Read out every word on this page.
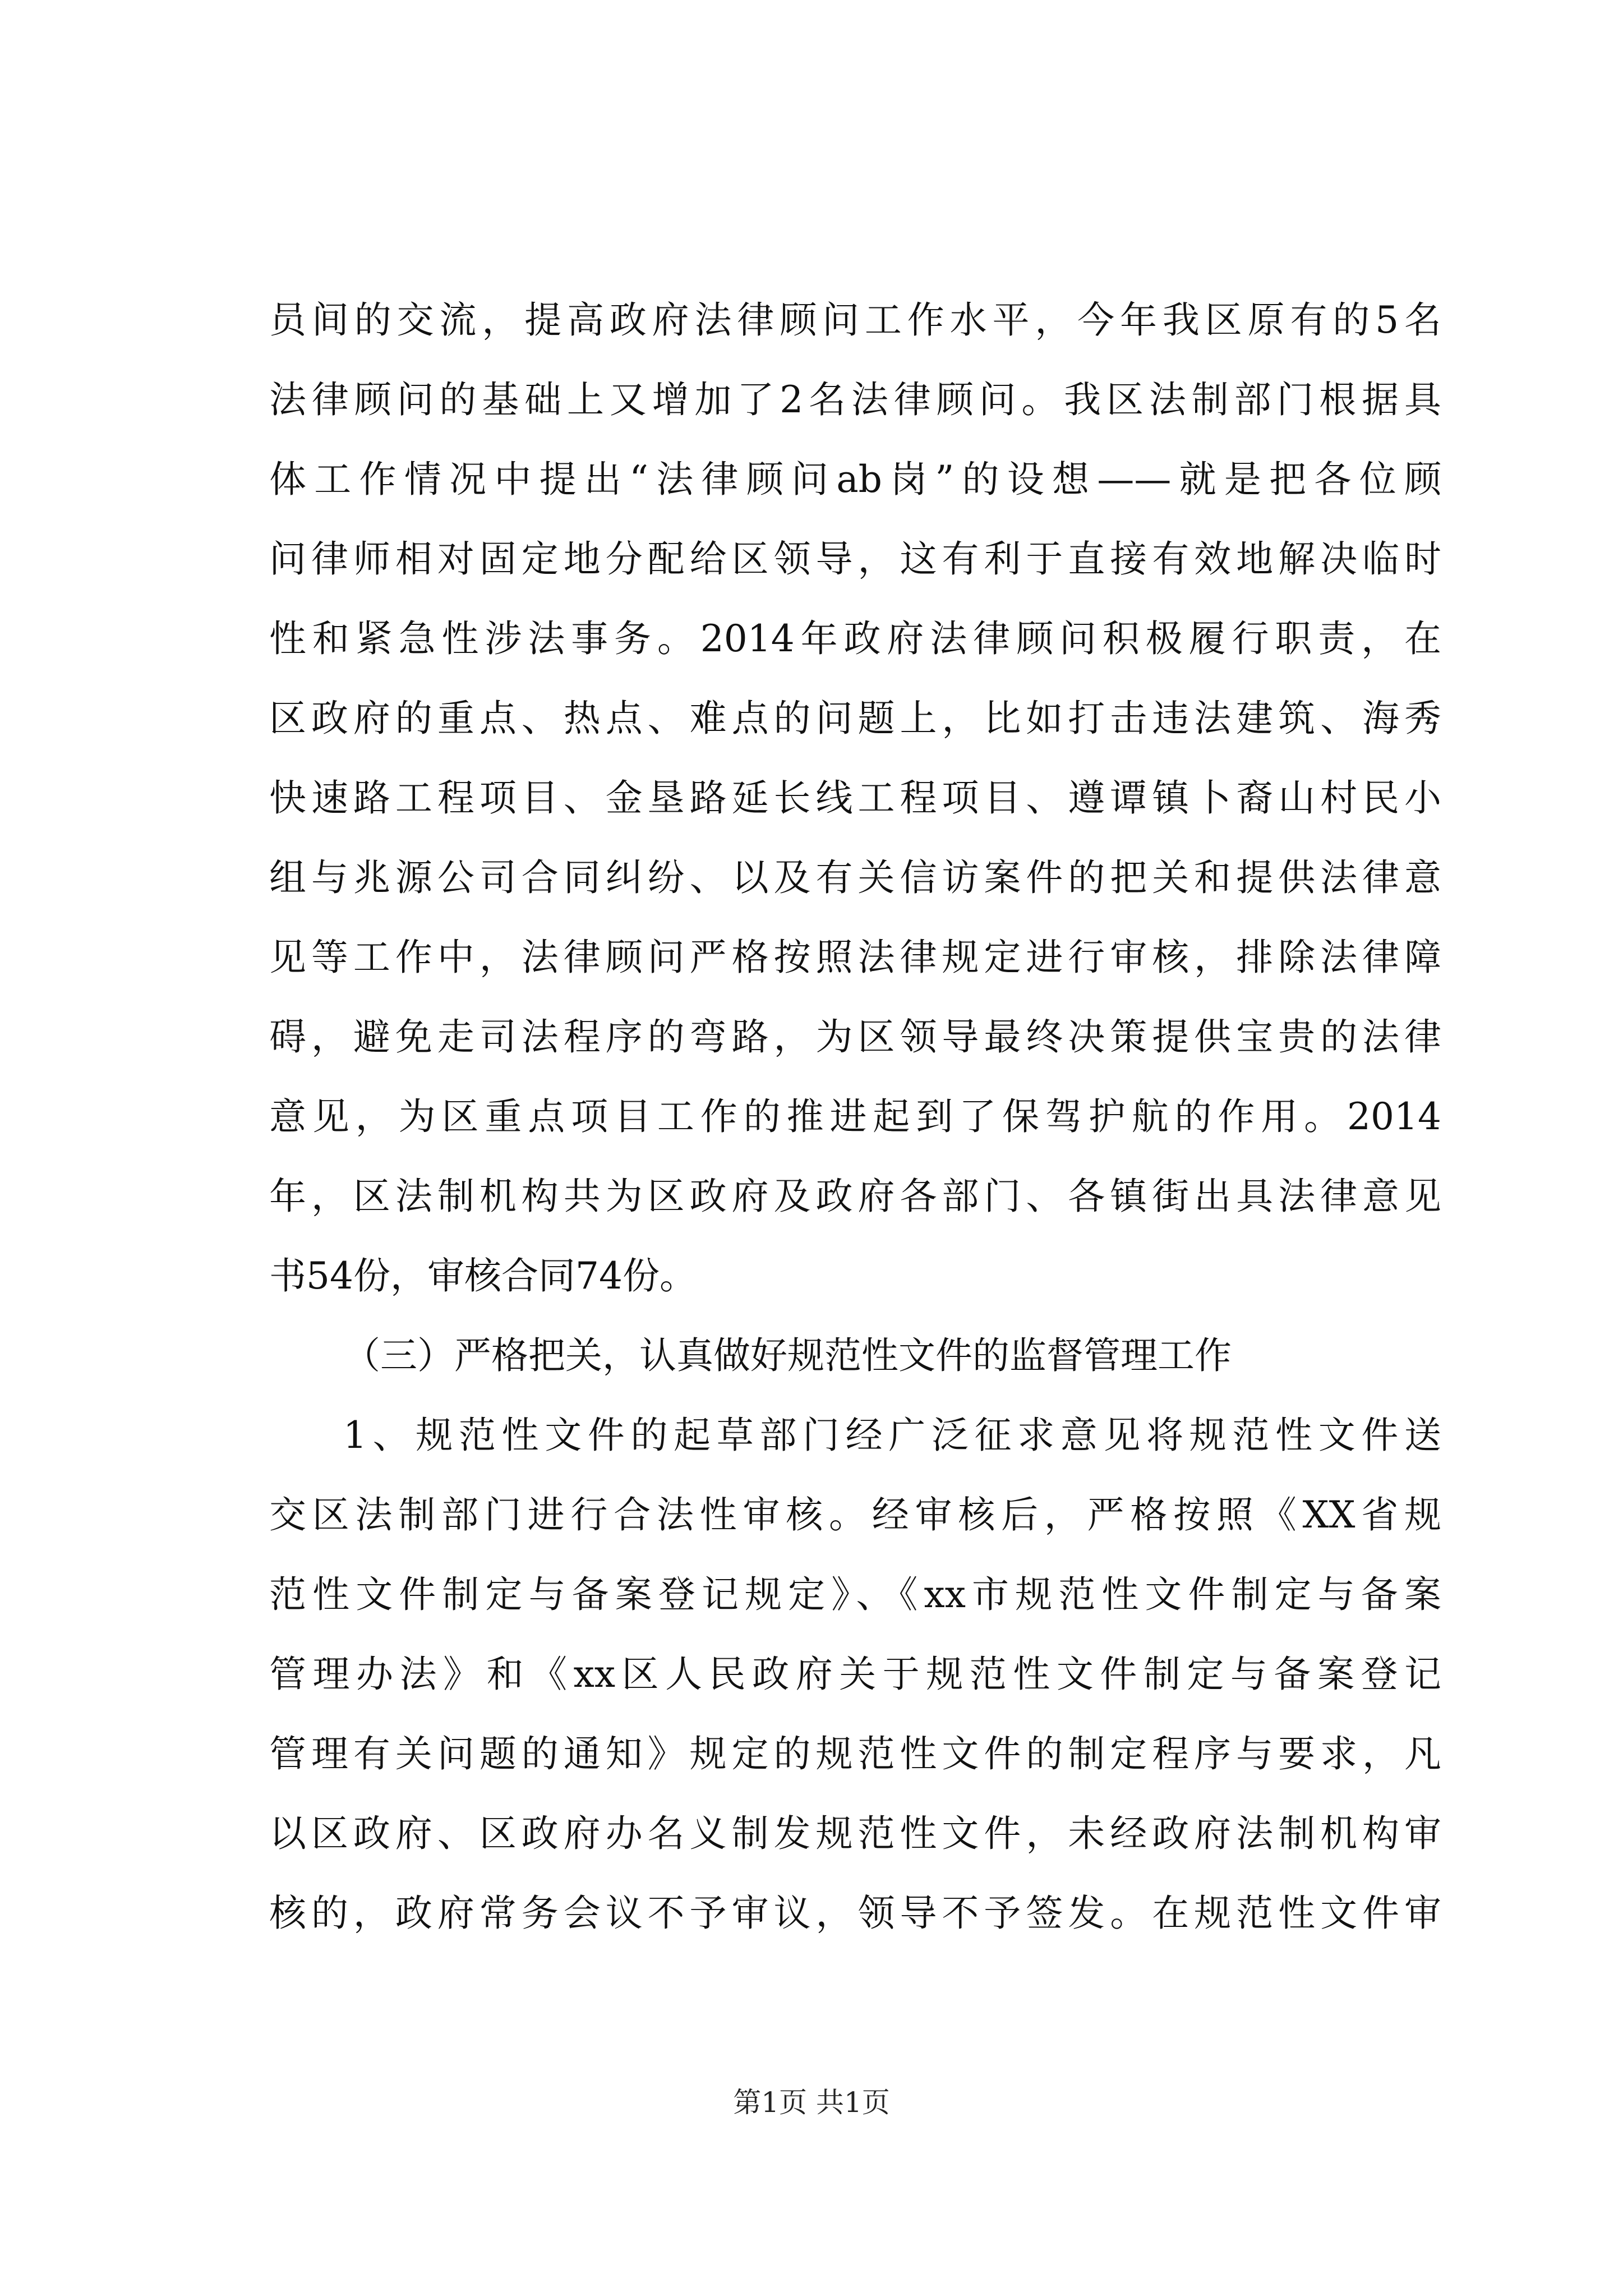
员间的交流，提高政府法律顾问工作水平，今年我区原有的5名
法律顾问的基础上又增加了2名法律顾问。我区法制部门根据具
体工作情况中提出“法律顾问ab岗”的设想——就是把各位顾
问律师相对固定地分配给区领导，这有利于直接有效地解决临时
性和紧急性涉法事务。2014年政府法律顾问积极履行职责，在
区政府的重点、热点、难点的问题上，比如打击违法建筑、海秀
快速路工程项目、金垦路延长线工程项目、遵谭镇卜裔山村民小
组与兆源公司合同纠纷、以及有关信访案件的把关和提供法律意
见等工作中，法律顾问严格按照法律规定进行审核，排除法律障
碍，避免走司法程序的弯路，为区领导最终决策提供宝贵的法律
意见，为区重点项目工作的推进起到了保驾护航的作用。2014
年，区法制机构共为区政府及政府各部门、各镇街出具法律意见
书54份，审核合同74份。
（三）严格把关，认真做好规范性文件的监督管理工作
1、规范性文件的起草部门经广泛征求意见将规范性文件送
交区法制部门进行合法性审核。经审核后，严格按照《XX省规
范性文件制定与备案登记规定》、《xx市规范性文件制定与备案
管理办法》和《xx区人民政府关于规范性文件制定与备案登记
管理有关问题的通知》规定的规范性文件的制定程序与要求，凡
以区政府、区政府办名义制发规范性文件，未经政府法制机构审
核的，政府常务会议不予审议，领导不予签发。在规范性文件审
第1页 共1页
